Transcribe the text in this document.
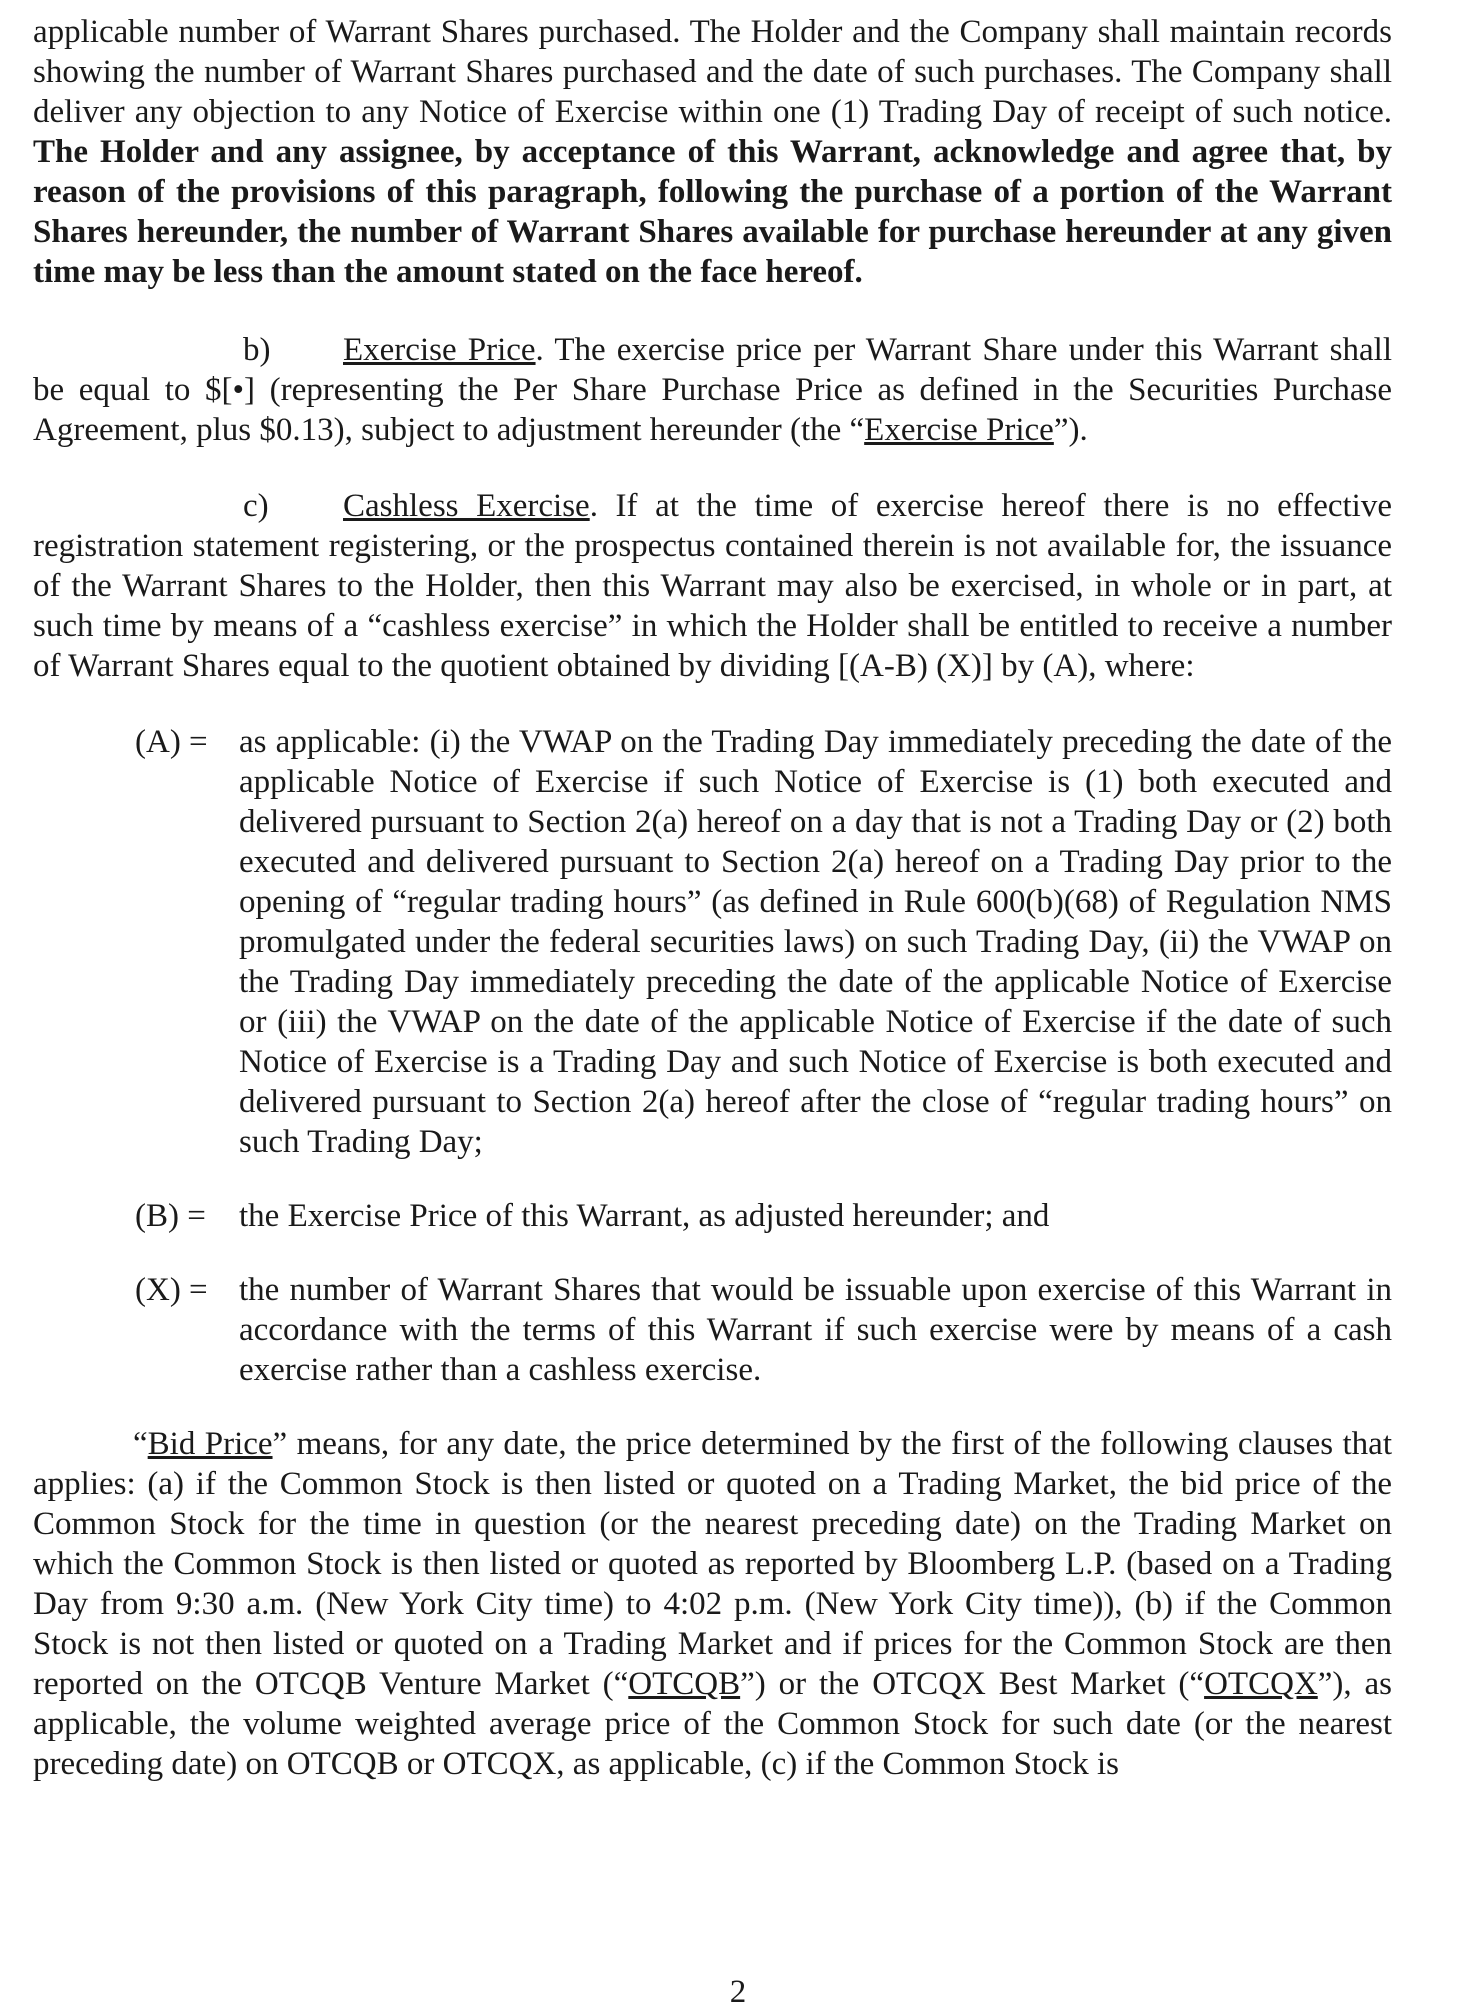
applicable number of Warrant Shares purchased. The Holder and the Company shall maintain records showing the number of Warrant Shares purchased and the date of such purchases. The Company shall deliver any objection to any Notice of Exercise within one (1) Trading Day of receipt of such notice. The Holder and any assignee, by acceptance of this Warrant, acknowledge and agree that, by reason of the provisions of this paragraph, following the purchase of a portion of the Warrant Shares hereunder, the number of Warrant Shares available for purchase hereunder at any given time may be less than the amount stated on the face hereof.

b) Exercise Price. The exercise price per Warrant Share under this Warrant shall be equal to $[•] (representing the Per Share Purchase Price as defined in the Securities Purchase Agreement, plus $0.13), subject to adjustment hereunder (the “Exercise Price”).

c) Cashless Exercise. If at the time of exercise hereof there is no effective registration statement registering, or the prospectus contained therein is not available for, the issuance of the Warrant Shares to the Holder, then this Warrant may also be exercised, in whole or in part, at such time by means of a “cashless exercise” in which the Holder shall be entitled to receive a number of Warrant Shares equal to the quotient obtained by dividing [(A-B) (X)] by (A), where:

(A) = as applicable: (i) the VWAP on the Trading Day immediately preceding the date of the applicable Notice of Exercise if such Notice of Exercise is (1) both executed and delivered pursuant to Section 2(a) hereof on a day that is not a Trading Day or (2) both executed and delivered pursuant to Section 2(a) hereof on a Trading Day prior to the opening of “regular trading hours” (as defined in Rule 600(b)(68) of Regulation NMS promulgated under the federal securities laws) on such Trading Day, (ii) the VWAP on the Trading Day immediately preceding the date of the applicable Notice of Exercise or (iii) the VWAP on the date of the applicable Notice of Exercise if the date of such Notice of Exercise is a Trading Day and such Notice of Exercise is both executed and delivered pursuant to Section 2(a) hereof after the close of “regular trading hours” on such Trading Day;
(B) =	the Exercise Price of this Warrant, as adjusted hereunder; and
(X) = the number of Warrant Shares that would be issuable upon exercise of this Warrant in accordance with the terms of this Warrant if such exercise were by means of a cash exercise rather than a cashless exercise.

“Bid Price” means, for any date, the price determined by the first of the following clauses that applies: (a) if the Common Stock is then listed or quoted on a Trading Market, the bid price of the Common Stock for the time in question (or the nearest preceding date) on the Trading Market on which the Common Stock is then listed or quoted as reported by Bloomberg L.P. (based on a Trading Day from 9:30 a.m. (New York City time) to 4:02 p.m. (New York City time)), (b) if the Common Stock is not then listed or quoted on a Trading Market and if prices for the Common Stock are then reported on the OTCQB Venture Market (“OTCQB”) or the OTCQX Best Market (“OTCQX”), as applicable, the volume weighted average price of the Common Stock for such date (or the nearest preceding date) on OTCQB or OTCQX, as applicable, (c) if the Common Stock is

2
